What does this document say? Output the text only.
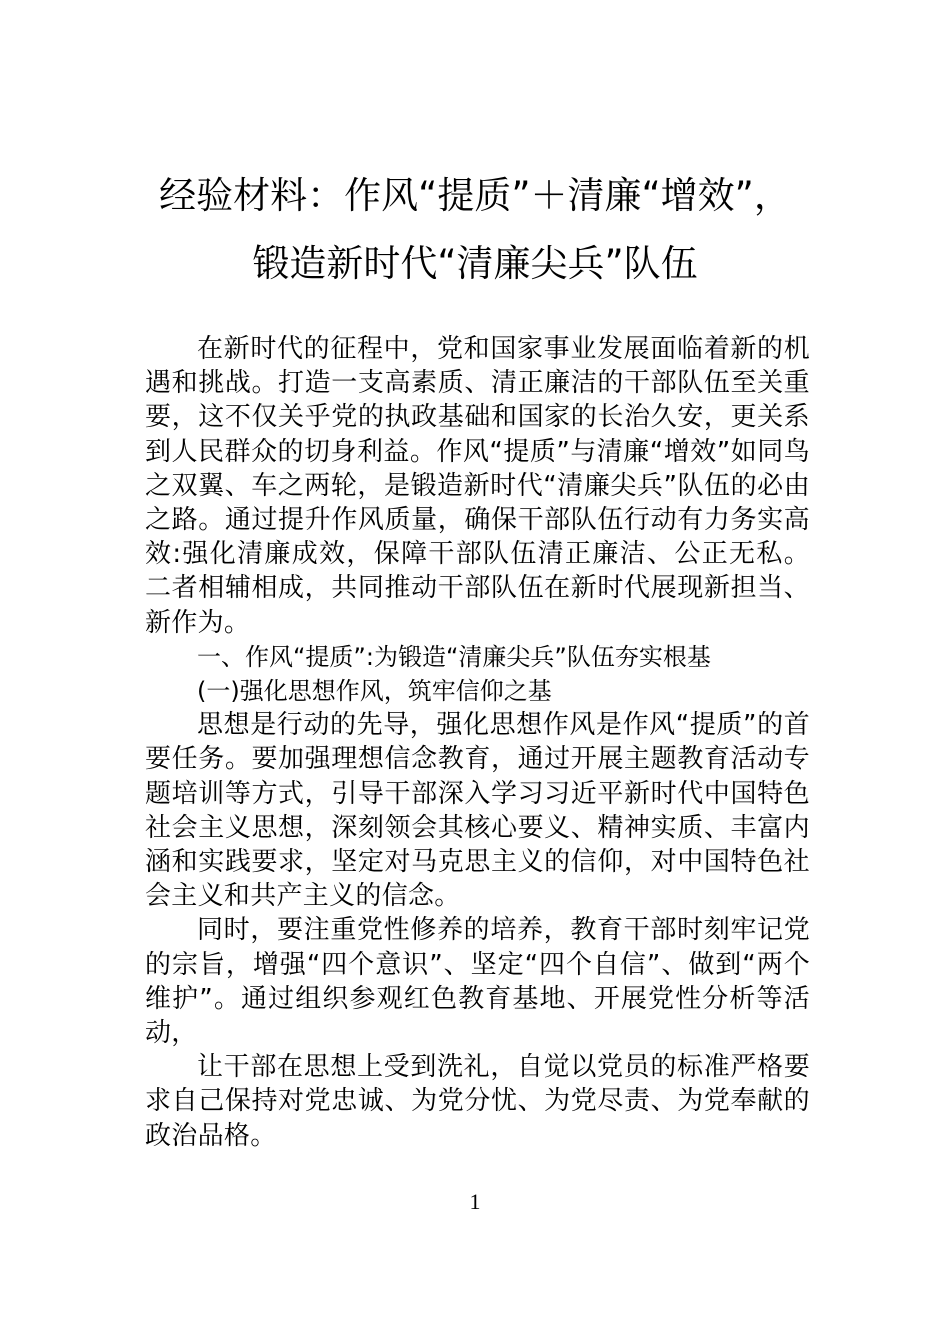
经验材料：作风“提质”＋清廉“增效”，
锻造新时代“清廉尖兵”队伍

在新时代的征程中，党和国家事业发展面临着新的机遇和挑战。打造一支高素质、清正廉洁的干部队伍至关重要，这不仅关乎党的执政基础和国家的长治久安，更关系到人民群众的切身利益。作风“提质”与清廉“增效”如同鸟之双翼、车之两轮，是锻造新时代“清廉尖兵”队伍的必由之路。通过提升作风质量，确保干部队伍行动有力务实高效:强化清廉成效，保障干部队伍清正廉洁、公正无私。二者相辅相成，共同推动干部队伍在新时代展现新担当、新作为。

一、作风“提质”:为锻造“清廉尖兵”队伍夯实根基

(一)强化思想作风，筑牢信仰之基

思想是行动的先导，强化思想作风是作风“提质”的首要任务。要加强理想信念教育，通过开展主题教育活动专题培训等方式，引导干部深入学习习近平新时代中国特色社会主义思想，深刻领会其核心要义、精神实质、丰富内涵和实践要求，坚定对马克思主义的信仰，对中国特色社会主义和共产主义的信念。

同时，要注重党性修养的培养，教育干部时刻牢记党的宗旨，增强“四个意识”、坚定“四个自信”、做到“两个维护”。通过组织参观红色教育基地、开展党性分析等活动，

让干部在思想上受到洗礼，自觉以党员的标准严格要求自己保持对党忠诚、为党分忧、为党尽责、为党奉献的政治品格。

1
